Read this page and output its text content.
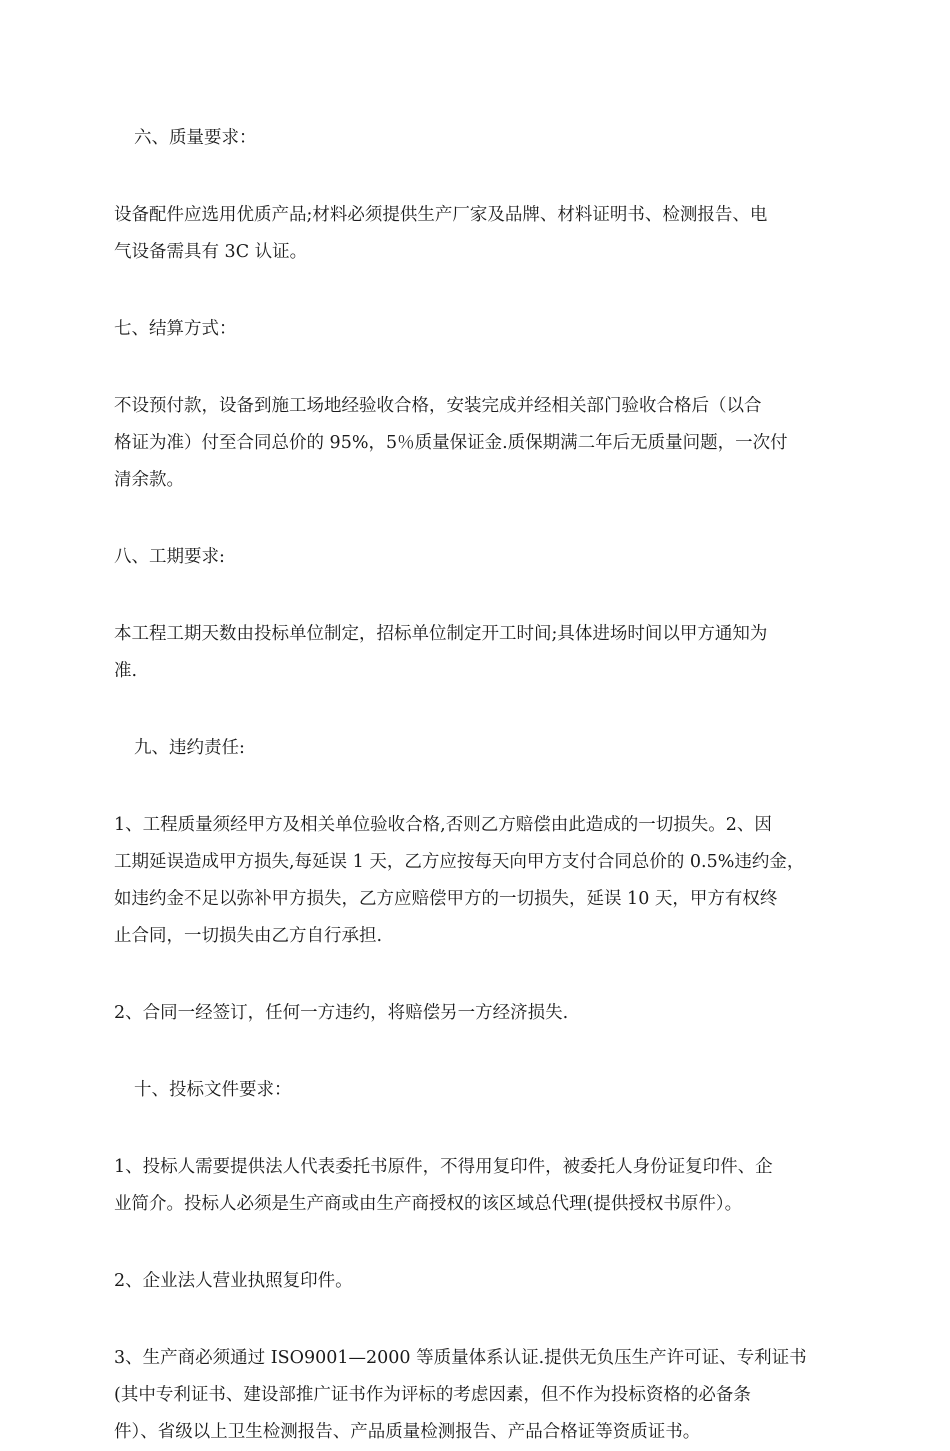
六、质量要求：
设备配件应选用优质产品;材料必须提供生产厂家及品牌、材料证明书、检测报告、电
气设备需具有 3C 认证。
七、结算方式：
不设预付款，设备到施工场地经验收合格，安装完成并经相关部门验收合格后（以合
格证为准）付至合同总价的 95%，5％质量保证金.质保期满二年后无质量问题，一次付
清余款。
八、工期要求:
本工程工期天数由投标单位制定，招标单位制定开工时间;具体进场时间以甲方通知为
准.
九、违约责任:
1、工程质量须经甲方及相关单位验收合格,否则乙方赔偿由此造成的一切损失。2、因
工期延误造成甲方损失,每延误 1 天，乙方应按每天向甲方支付合同总价的 0.5%违约金，
如违约金不足以弥补甲方损失，乙方应赔偿甲方的一切损失，延误 10 天，甲方有权终
止合同，一切损失由乙方自行承担.
2、合同一经签订，任何一方违约，将赔偿另一方经济损失.
十、投标文件要求：
1、投标人需要提供法人代表委托书原件，不得用复印件，被委托人身份证复印件、企
业简介。投标人必须是生产商或由生产商授权的该区域总代理(提供授权书原件）。
2、企业法人营业执照复印件。
3、生产商必须通过 ISO9001—2000 等质量体系认证.提供无负压生产许可证、专利证书
(其中专利证书、建设部推广证书作为评标的考虑因素，但不作为投标资格的必备条
件）、省级以上卫生检测报告、产品质量检测报告、产品合格证等资质证书。
